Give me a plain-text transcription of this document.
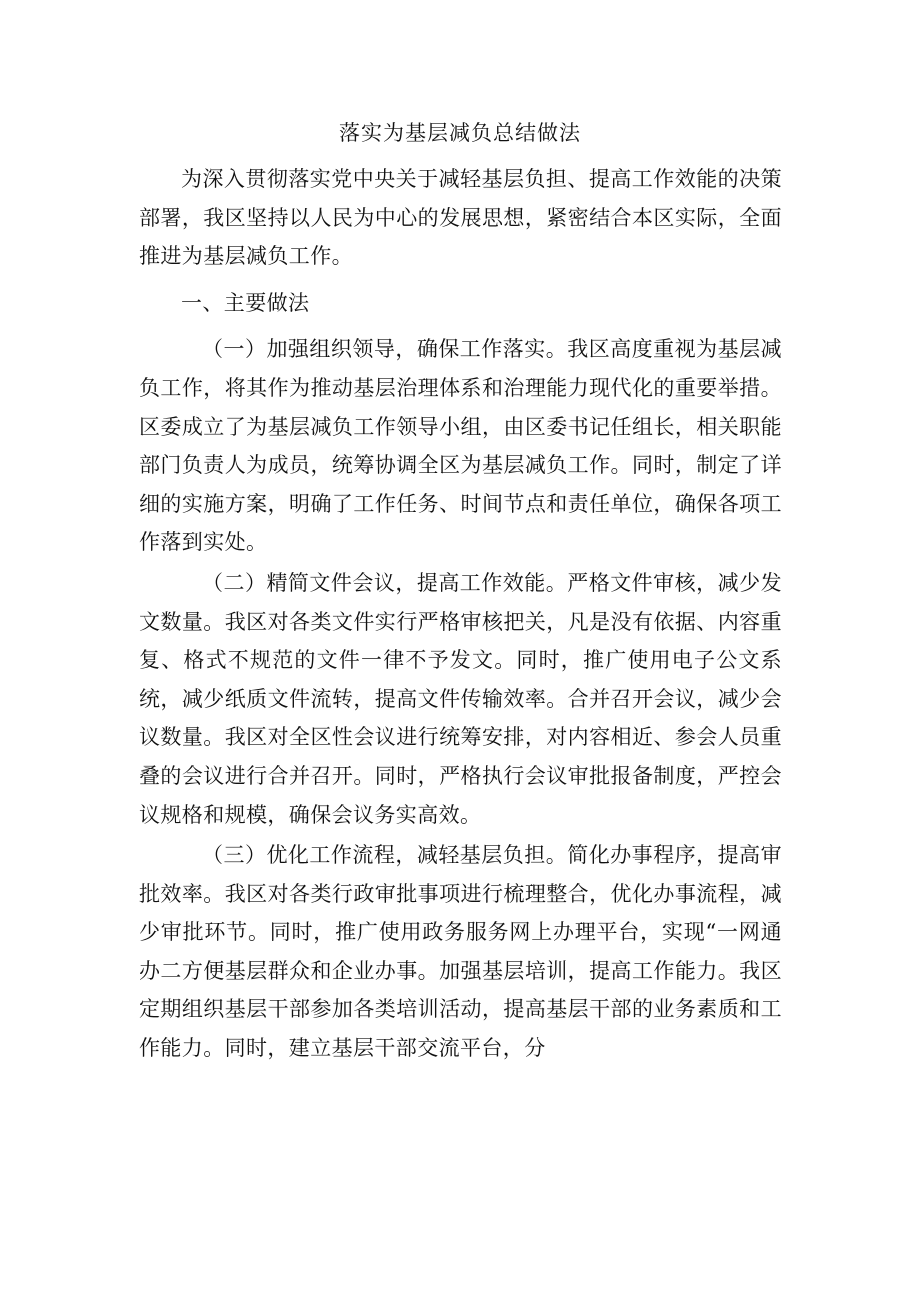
落实为基层减负总结做法

为深入贯彻落实党中央关于减轻基层负担、提高工作效能的决策部署，我区坚持以人民为中心的发展思想，紧密结合本区实际，全面推进为基层减负工作。

一、主要做法

（一）加强组织领导，确保工作落实。我区高度重视为基层减负工作，将其作为推动基层治理体系和治理能力现代化的重要举措。区委成立了为基层减负工作领导小组，由区委书记任组长，相关职能部门负责人为成员，统筹协调全区为基层减负工作。同时，制定了详细的实施方案，明确了工作任务、时间节点和责任单位，确保各项工作落到实处。

（二）精简文件会议，提高工作效能。严格文件审核，减少发文数量。我区对各类文件实行严格审核把关，凡是没有依据、内容重复、格式不规范的文件一律不予发文。同时，推广使用电子公文系统，减少纸质文件流转，提高文件传输效率。合并召开会议，减少会议数量。我区对全区性会议进行统筹安排，对内容相近、参会人员重叠的会议进行合并召开。同时，严格执行会议审批报备制度，严控会议规格和规模，确保会议务实高效。

（三）优化工作流程，减轻基层负担。简化办事程序，提高审批效率。我区对各类行政审批事项进行梳理整合，优化办事流程，减少审批环节。同时，推广使用政务服务网上办理平台，实现“一网通办二方便基层群众和企业办事。加强基层培训，提高工作能力。我区定期组织基层干部参加各类培训活动，提高基层干部的业务素质和工作能力。同时，建立基层干部交流平台，分
